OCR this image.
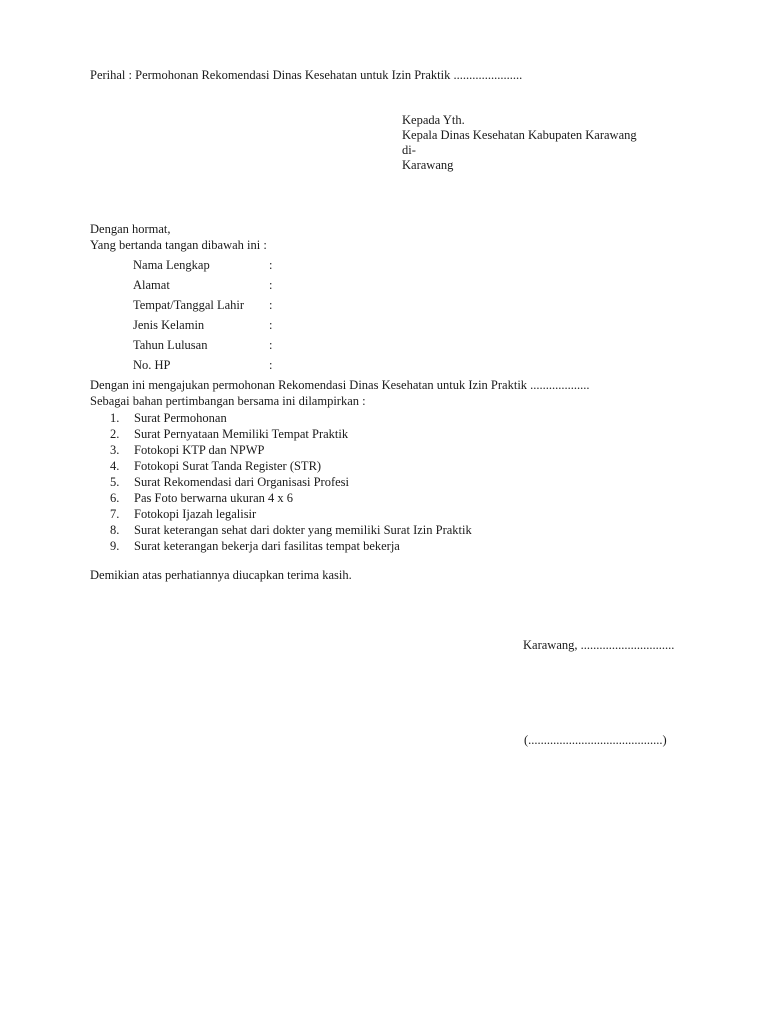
Perihal : Permohonan Rekomendasi Dinas Kesehatan untuk Izin Praktik ......................
Kepada Yth.
Kepala Dinas Kesehatan Kabupaten Karawang
di-
Karawang
Dengan hormat,
Yang bertanda tangan dibawah ini :
Nama Lengkap	:
Alamat	:
Tempat/Tanggal Lahir :
Jenis Kelamin	:
Tahun Lulusan	:
No. HP	:
Dengan ini mengajukan permohonan Rekomendasi Dinas Kesehatan untuk Izin Praktik ...................
Sebagai bahan pertimbangan bersama ini dilampirkan :
1. Surat Permohonan
2. Surat Pernyataan Memiliki Tempat Praktik
3. Fotokopi KTP dan NPWP
4. Fotokopi Surat Tanda Register (STR)
5. Surat Rekomendasi dari Organisasi Profesi
6. Pas Foto berwarna ukuran 4 x 6
7. Fotokopi Ijazah legalisir
8. Surat keterangan sehat dari dokter yang memiliki Surat Izin Praktik
9. Surat keterangan bekerja dari fasilitas tempat bekerja
Demikian atas perhatiannya diucapkan terima kasih.
Karawang, ..............................
(...........................................)
